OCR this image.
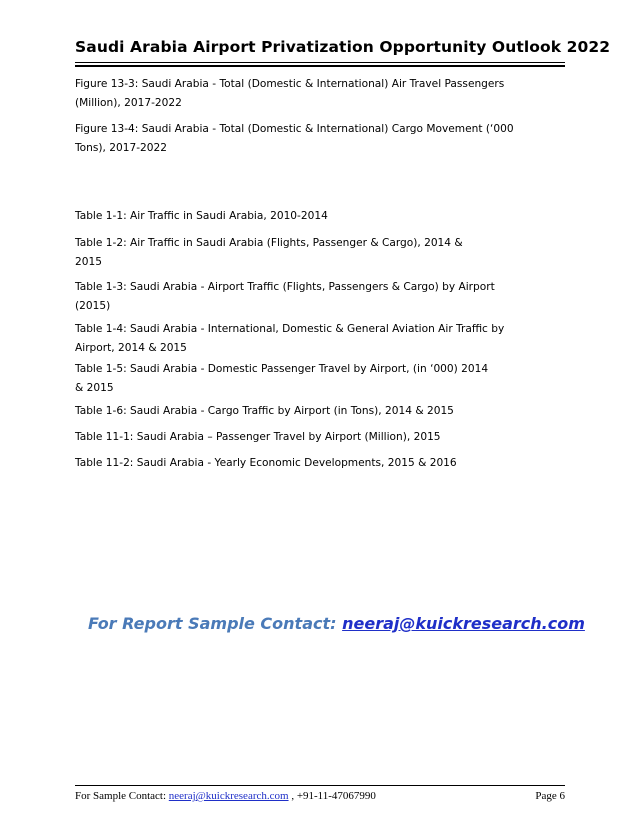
Saudi Arabia Airport Privatization Opportunity Outlook 2022
Figure 13-3: Saudi Arabia - Total (Domestic & International) Air Travel Passengers
(Million), 2017-2022
Figure 13-4: Saudi Arabia - Total (Domestic & International) Cargo Movement (‘000
Tons), 2017-2022
Table 1-1: Air Traffic in Saudi Arabia, 2010-2014
Table 1-2: Air Traffic in Saudi Arabia (Flights, Passenger & Cargo), 2014 &
2015
Table 1-3: Saudi Arabia - Airport Traffic (Flights, Passengers & Cargo) by Airport
(2015)
Table 1-4: Saudi Arabia - International, Domestic & General Aviation Air Traffic by
Airport, 2014 & 2015
Table 1-5: Saudi Arabia - Domestic Passenger Travel by Airport, (in ‘000) 2014
& 2015
Table 1-6: Saudi Arabia - Cargo Traffic by Airport (in Tons), 2014 & 2015
Table 11-1: Saudi Arabia – Passenger Travel by Airport (Million), 2015
Table 11-2: Saudi Arabia - Yearly Economic Developments, 2015 & 2016
For Report Sample Contact: neeraj@kuickresearch.com
For Sample Contact: neeraj@kuickresearch.com , +91-11-47067990	Page 6
